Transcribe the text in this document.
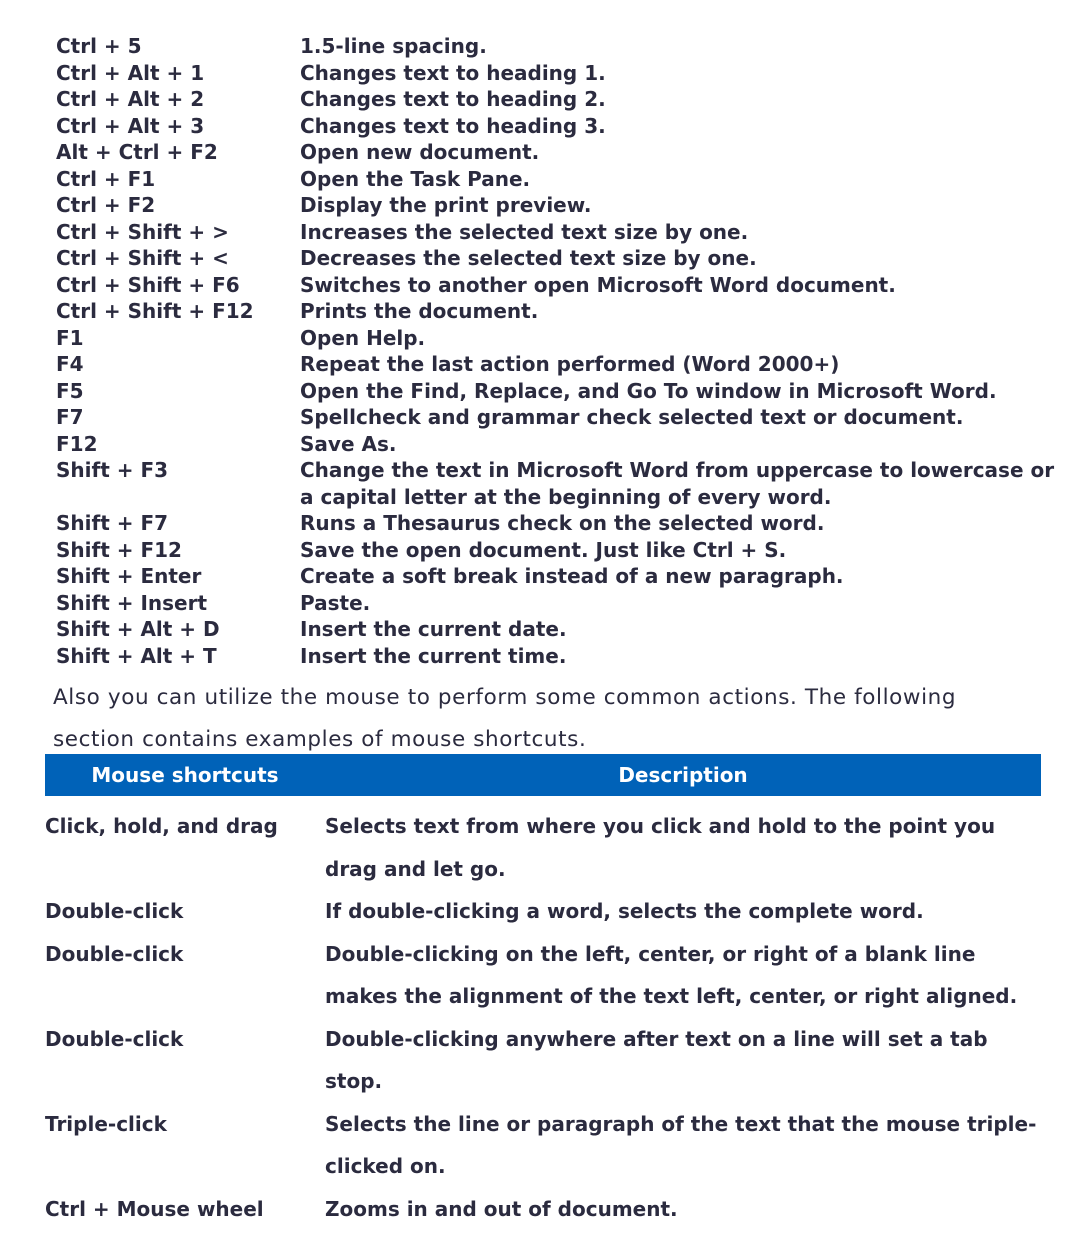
Ctrl + 5	1.5-line spacing.
Ctrl + Alt + 1	Changes text to heading 1.
Ctrl + Alt + 2	Changes text to heading 2.
Ctrl + Alt + 3	Changes text to heading 3.
Alt + Ctrl + F2	Open new document.
Ctrl + F1	Open the Task Pane.
Ctrl + F2	Display the print preview.
Ctrl + Shift + >	Increases the selected text size by one.
Ctrl + Shift + <	Decreases the selected text size by one.
Ctrl + Shift + F6	Switches to another open Microsoft Word document.
Ctrl + Shift + F12	Prints the document.
F1	Open Help.
F4	Repeat the last action performed (Word 2000+)
F5	Open the Find, Replace, and Go To window in Microsoft Word.
F7	Spellcheck and grammar check selected text or document.
F12	Save As.
Shift + F3	Change the text in Microsoft Word from uppercase to lowercase or a capital letter at the beginning of every word.
Shift + F7	Runs a Thesaurus check on the selected word.
Shift + F12	Save the open document. Just like Ctrl + S.
Shift + Enter	Create a soft break instead of a new paragraph.
Shift + Insert	Paste.
Shift + Alt + D	Insert the current date.
Shift + Alt + T	Insert the current time.

Also you can utilize the mouse to perform some common actions. The following section contains examples of mouse shortcuts.

Mouse shortcuts	Description
Click, hold, and drag	Selects text from where you click and hold to the point you drag and let go.
Double-click	If double-clicking a word, selects the complete word.
Double-click	Double-clicking on the left, center, or right of a blank line makes the alignment of the text left, center, or right aligned.
Double-click	Double-clicking anywhere after text on a line will set a tab stop.
Triple-click	Selects the line or paragraph of the text that the mouse triple-clicked on.
Ctrl + Mouse wheel	Zooms in and out of document.
